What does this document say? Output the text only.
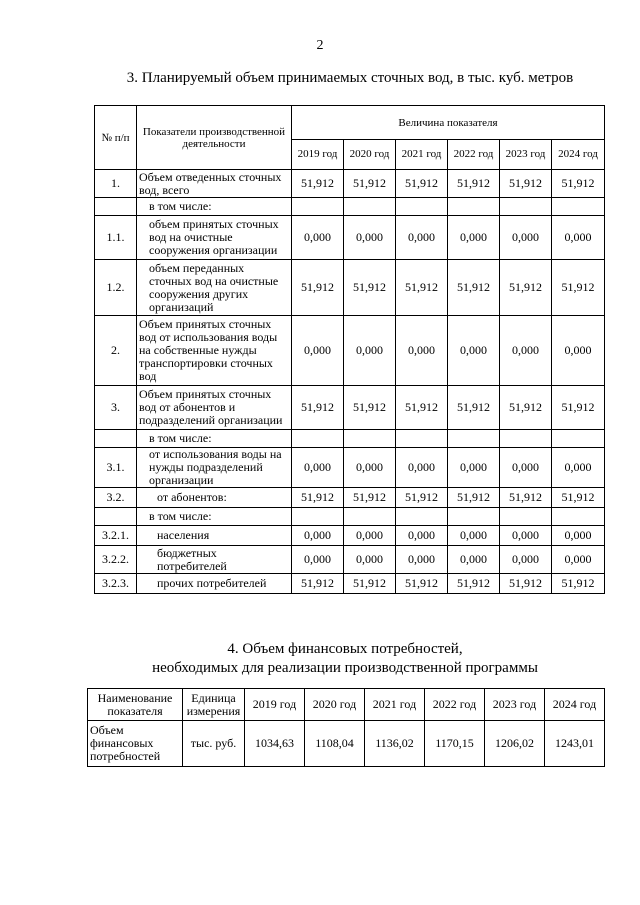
2
3. Планируемый объем принимаемых сточных вод, в тыс. куб. метров
№ п/п	Показатели производственной деятельности	Величина показателя					
		2019 год	2020 год	2021 год	2022 год	2023 год	2024 год
1.	Объем отведенных сточных вод, всего	51,912	51,912	51,912	51,912	51,912	51,912
	в том числе:						
1.1.	объем принятых сточных вод на очистные сооружения организации	0,000	0,000	0,000	0,000	0,000	0,000
1.2.	объем переданных сточных вод на очистные сооружения других организаций	51,912	51,912	51,912	51,912	51,912	51,912
2.	Объем принятых сточных вод от использования воды на собственные нужды транспортировки сточных вод	0,000	0,000	0,000	0,000	0,000	0,000
3.	Объем принятых сточных вод от абонентов и подразделений организации	51,912	51,912	51,912	51,912	51,912	51,912
	в том числе:						
3.1.	от использования воды на нужды подразделений организации	0,000	0,000	0,000	0,000	0,000	0,000
3.2.	от абонентов:	51,912	51,912	51,912	51,912	51,912	51,912
	в том числе:						
3.2.1.	населения	0,000	0,000	0,000	0,000	0,000	0,000
3.2.2.	бюджетных потребителей	0,000	0,000	0,000	0,000	0,000	0,000
3.2.3.	прочих потребителей	51,912	51,912	51,912	51,912	51,912	51,912
4. Объем финансовых потребностей,
необходимых для реализации производственной программы
Наименование показателя	Единица измерения	2019 год	2020 год	2021 год	2022 год	2023 год	2024 год
Объем финансовых потребностей	тыс. руб.	1034,63	1108,04	1136,02	1170,15	1206,02	1243,01
